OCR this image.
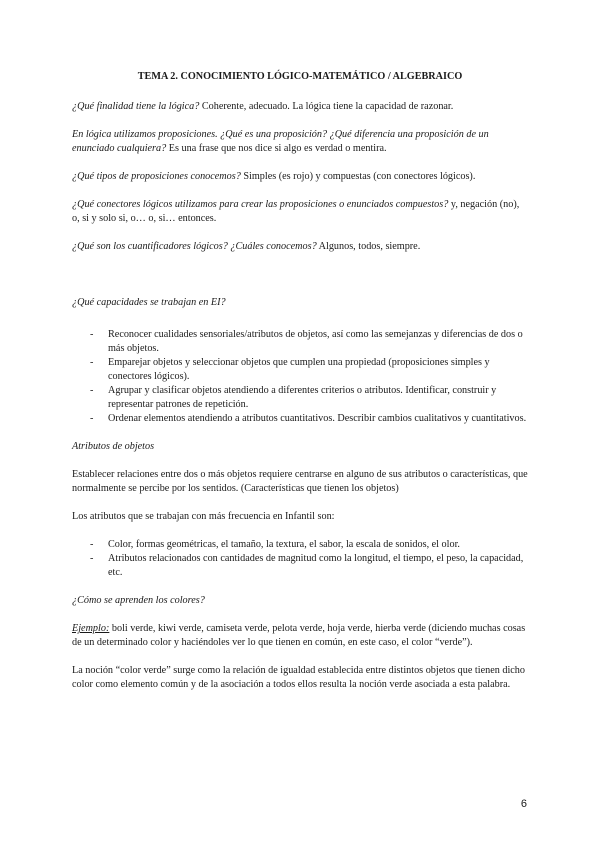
TEMA 2. CONOCIMIENTO LÓGICO-MATEMÁTICO / ALGEBRAICO

¿Qué finalidad tiene la lógica? Coherente, adecuado. La lógica tiene la capacidad de razonar.

En lógica utilizamos proposiciones. ¿Qué es una proposición? ¿Qué diferencia una proposición de un enunciado cualquiera? Es una frase que nos dice si algo es verdad o mentira.

¿Qué tipos de proposiciones conocemos? Simples (es rojo) y compuestas (con conectores lógicos).

¿Qué conectores lógicos utilizamos para crear las proposiciones o enunciados compuestos? y, negación (no), o, si y solo si, o… o, si… entonces.

¿Qué son los cuantificadores lógicos? ¿Cuáles conocemos? Algunos, todos, siempre.

¿Qué capacidades se trabajan en EI?
- Reconocer cualidades sensoriales/atributos de objetos, así como las semejanzas y diferencias de dos o más objetos.
- Emparejar objetos y seleccionar objetos que cumplen una propiedad (proposiciones simples y conectores lógicos).
- Agrupar y clasificar objetos atendiendo a diferentes criterios o atributos. Identificar, construir y representar patrones de repetición.
- Ordenar elementos atendiendo a atributos cuantitativos. Describir cambios cualitativos y cuantitativos.
Atributos de objetos

Establecer relaciones entre dos o más objetos requiere centrarse en alguno de sus atributos o características, que normalmente se percibe por los sentidos. (Características que tienen los objetos)

Los atributos que se trabajan con más frecuencia en Infantil son:

- Color, formas geométricas, el tamaño, la textura, el sabor, la escala de sonidos, el olor.
- Atributos relacionados con cantidades de magnitud como la longitud, el tiempo, el peso, la capacidad, etc.
¿Cómo se aprenden los colores?

Ejemplo: boli verde, kiwi verde, camiseta verde, pelota verde, hoja verde, hierba verde (diciendo muchas cosas de un determinado color y haciéndoles ver lo que tienen en común, en este caso, el color “verde”).

La noción “color verde” surge como la relación de igualdad establecida entre distintos objetos que tienen dicho color como elemento común y de la asociación a todos ellos resulta la noción verde asociada a esta palabra.

6
